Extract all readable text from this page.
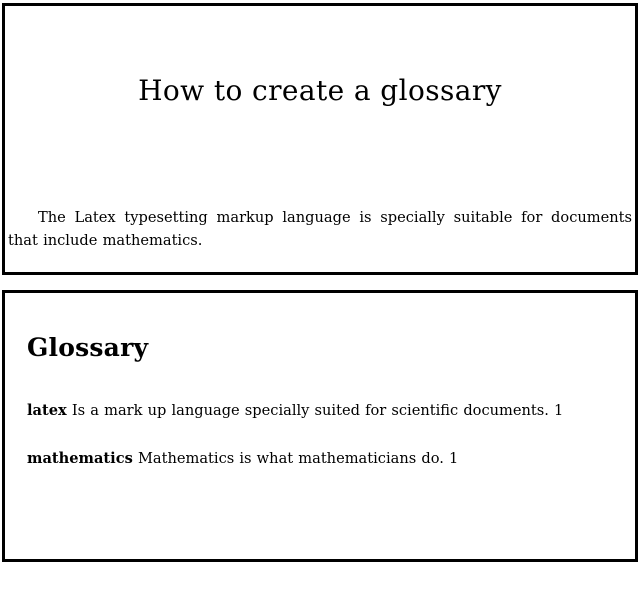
How to create a glossary
The Latex typesetting markup language is specially suitable for documents that include mathematics.
Glossary

latex Is a mark up language specially suited for scientific documents. 1

mathematics Mathematics is what mathematicians do. 1
